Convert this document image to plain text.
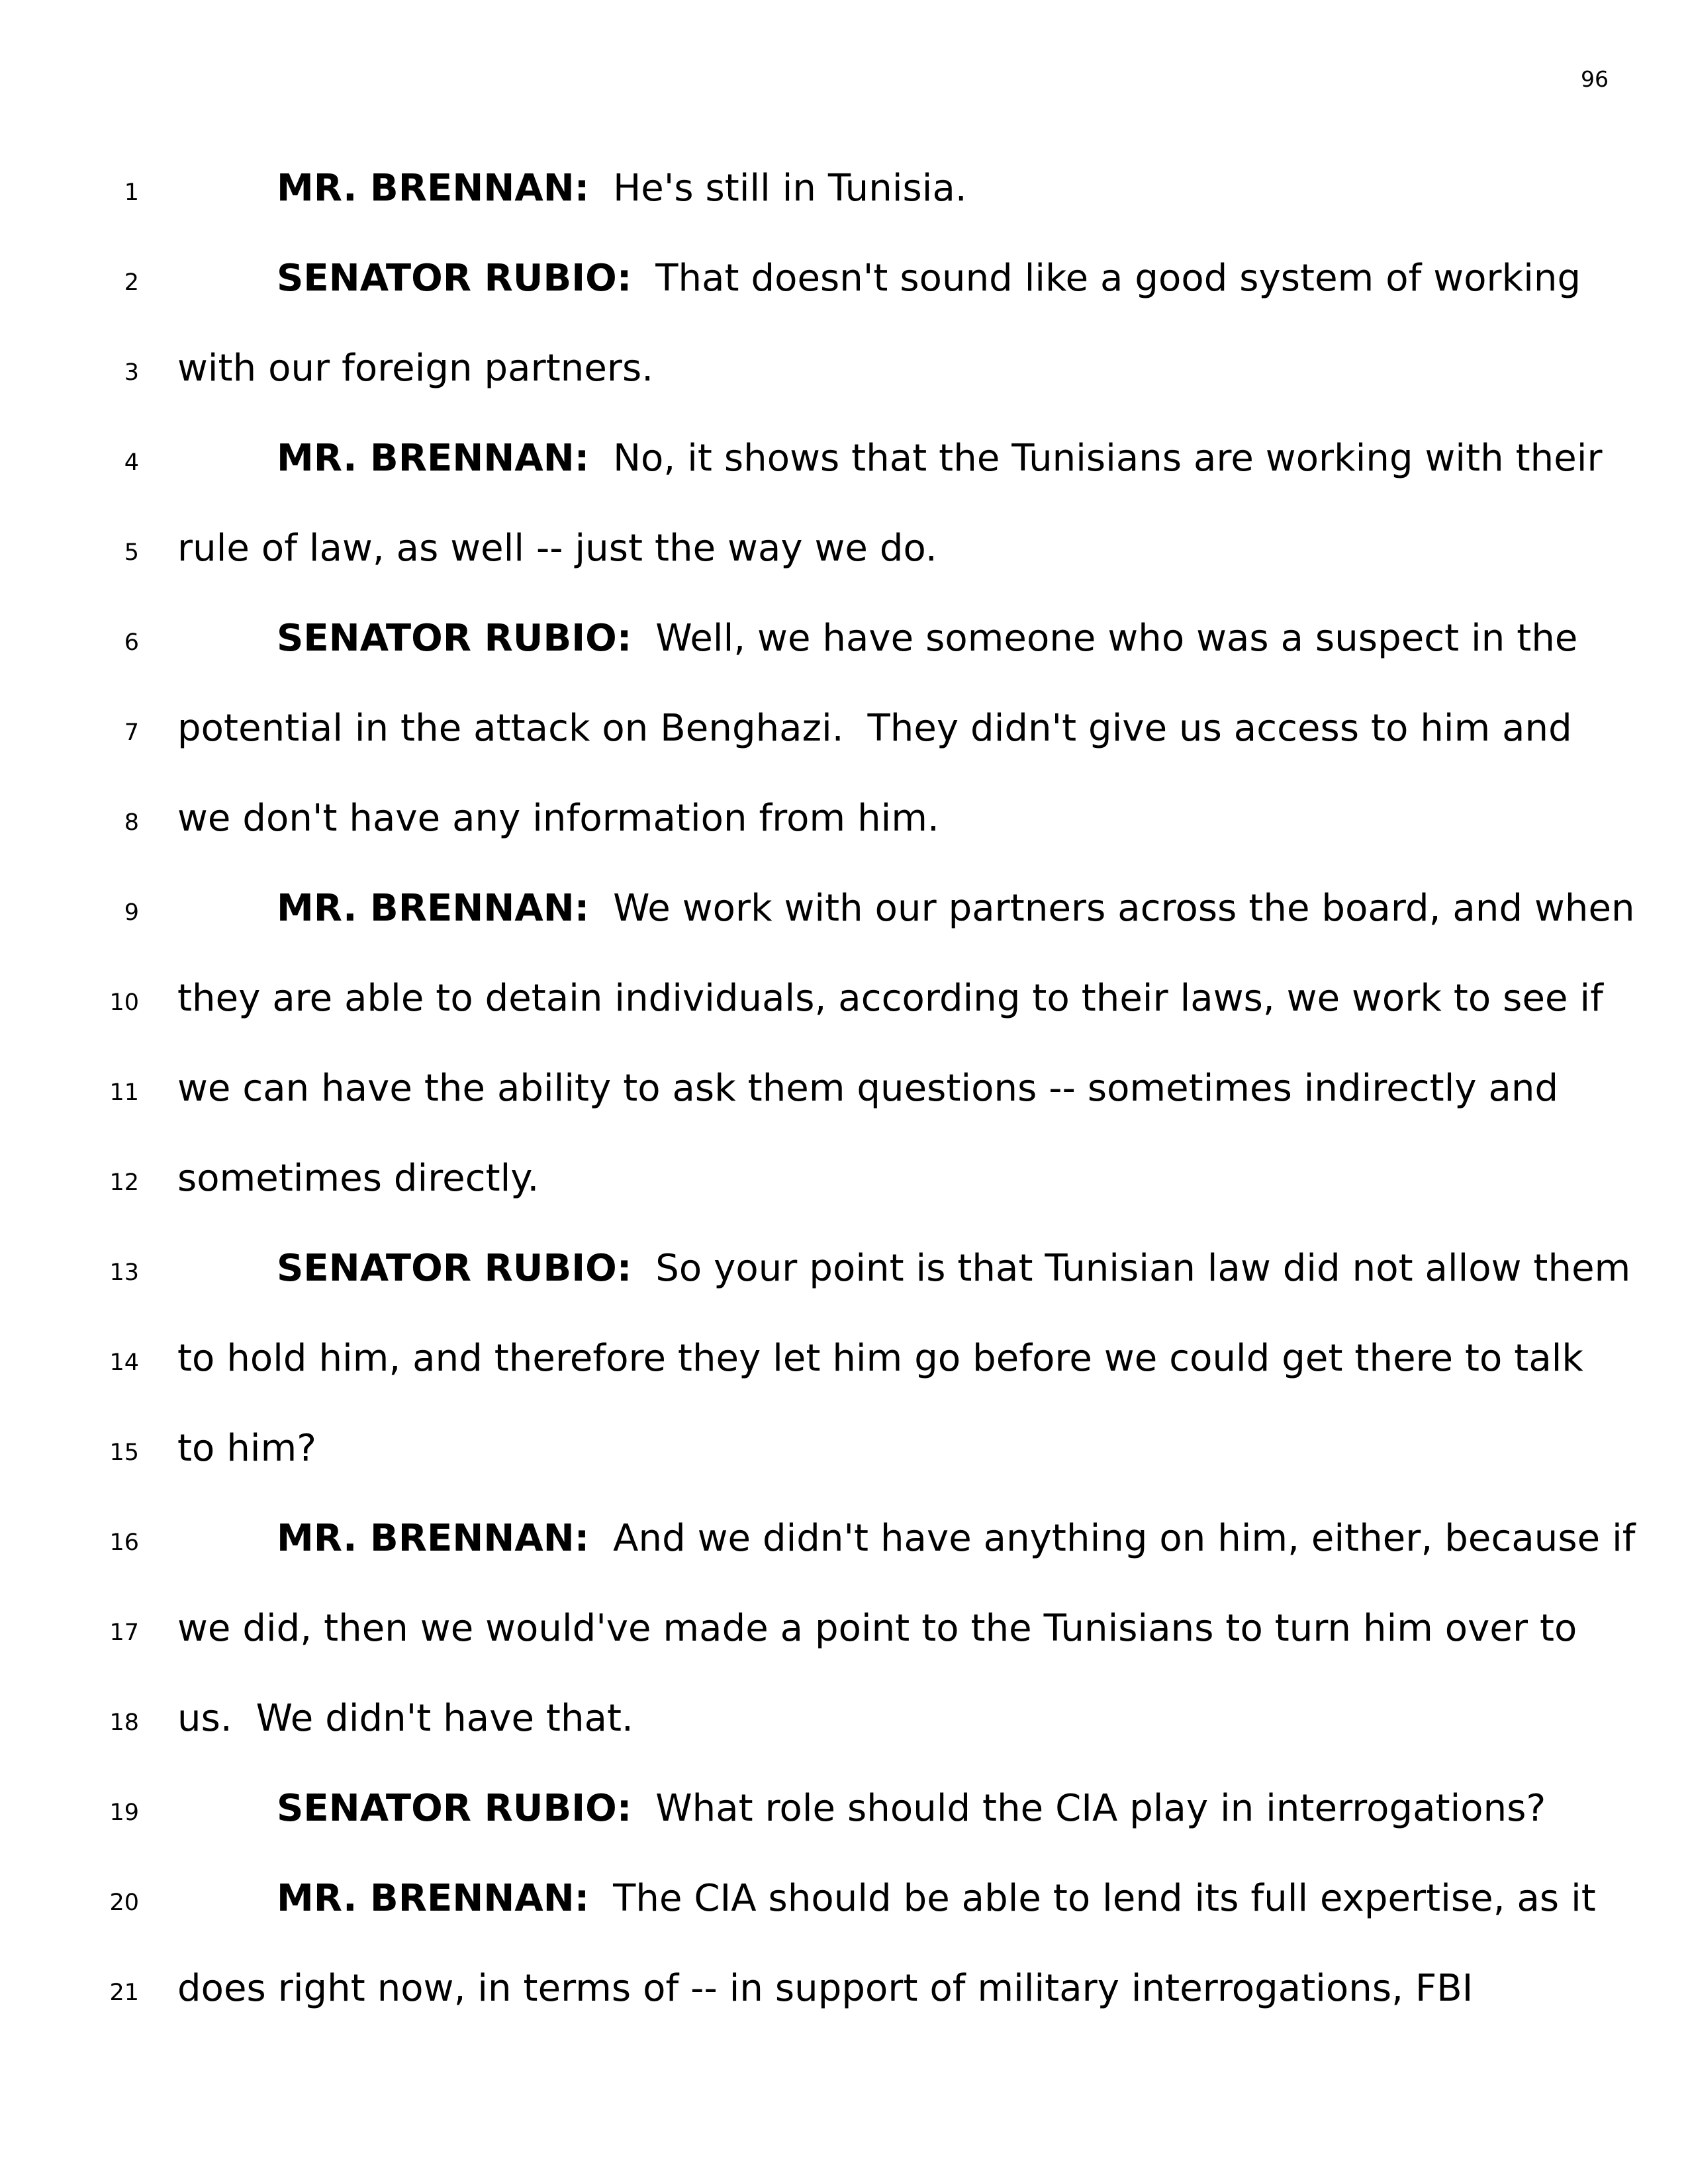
96
1	MR. BRENNAN:  He's still in Tunisia.
2	SENATOR RUBIO:  That doesn't sound like a good system of working
3 with our foreign partners.
4	MR. BRENNAN:  No, it shows that the Tunisians are working with their
5 rule of law, as well -- just the way we do.
6	SENATOR RUBIO:  Well, we have someone who was a suspect in the
7 potential in the attack on Benghazi.  They didn't give us access to him and
8 we don't have any information from him.
9	MR. BRENNAN:  We work with our partners across the board, and when
10 they are able to detain individuals, according to their laws, we work to see if
11 we can have the ability to ask them questions -- sometimes indirectly and
12 sometimes directly.
13	SENATOR RUBIO:  So your point is that Tunisian law did not allow them
14 to hold him, and therefore they let him go before we could get there to talk
15 to him?
16	MR. BRENNAN:  And we didn't have anything on him, either, because if
17 we did, then we would've made a point to the Tunisians to turn him over to
18 us.  We didn't have that.
19	SENATOR RUBIO:  What role should the CIA play in interrogations?
20	MR. BRENNAN:  The CIA should be able to lend its full expertise, as it
21 does right now, in terms of -- in support of military interrogations, FBI
